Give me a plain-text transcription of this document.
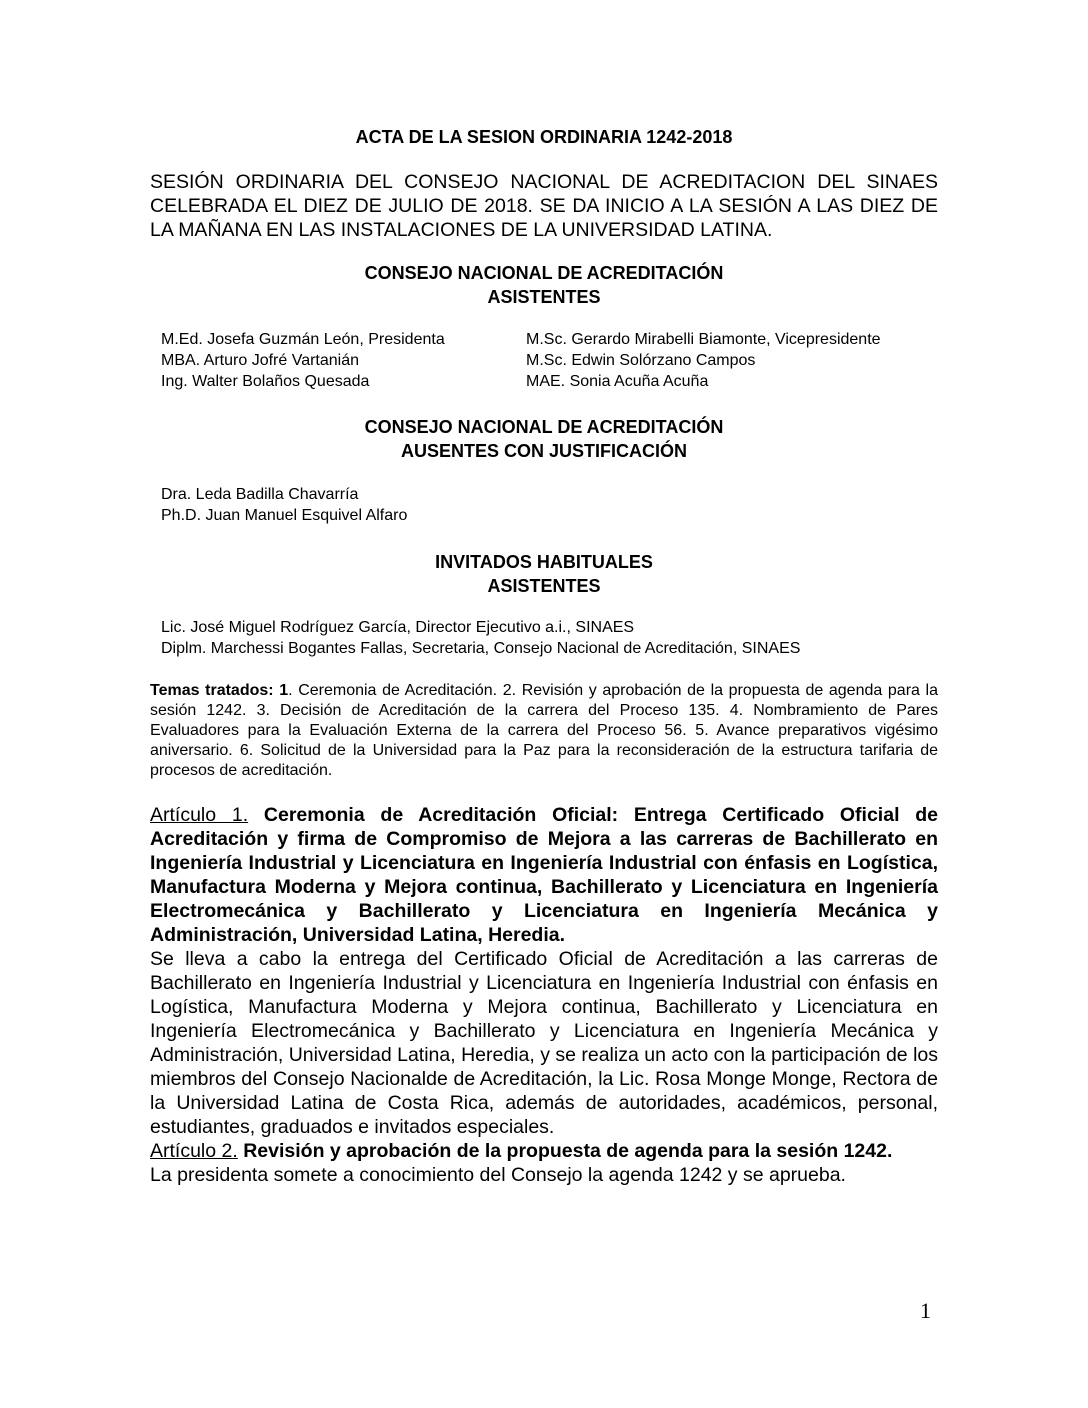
ACTA DE LA SESION ORDINARIA 1242-2018
SESIÓN ORDINARIA DEL CONSEJO NACIONAL DE ACREDITACION DEL SINAES CELEBRADA EL DIEZ DE JULIO DE 2018. SE DA INICIO A LA SESIÓN A LAS DIEZ DE LA MAÑANA EN LAS INSTALACIONES DE LA UNIVERSIDAD LATINA.
CONSEJO NACIONAL DE ACREDITACIÓN
ASISTENTES
M.Ed. Josefa Guzmán León, Presidenta
MBA. Arturo Jofré Vartanián
Ing. Walter Bolaños Quesada
M.Sc. Gerardo Mirabelli Biamonte, Vicepresidente
M.Sc. Edwin Solórzano Campos
MAE. Sonia Acuña Acuña
CONSEJO NACIONAL DE ACREDITACIÓN
AUSENTES CON JUSTIFICACIÓN
Dra. Leda Badilla Chavarría
Ph.D. Juan Manuel Esquivel Alfaro
INVITADOS HABITUALES
ASISTENTES
Lic. José Miguel Rodríguez García, Director Ejecutivo a.i., SINAES
Diplm. Marchessi Bogantes Fallas, Secretaria, Consejo Nacional de Acreditación, SINAES
Temas tratados: 1. Ceremonia de Acreditación. 2. Revisión y aprobación de la propuesta de agenda para la sesión 1242. 3. Decisión de Acreditación de la carrera del Proceso 135. 4. Nombramiento de Pares Evaluadores para la Evaluación Externa de la carrera del Proceso 56. 5. Avance preparativos vigésimo aniversario. 6. Solicitud de la Universidad para la Paz para la reconsideración de la estructura tarifaria de procesos de acreditación.
Artículo 1. Ceremonia de Acreditación Oficial: Entrega Certificado Oficial de Acreditación y firma de Compromiso de Mejora a las carreras de Bachillerato en Ingeniería Industrial y Licenciatura en Ingeniería Industrial con énfasis en Logística, Manufactura Moderna y Mejora continua, Bachillerato y Licenciatura en Ingeniería Electromecánica y Bachillerato y Licenciatura en Ingeniería Mecánica y Administración, Universidad Latina, Heredia.
Se lleva a cabo la entrega del Certificado Oficial de Acreditación a las carreras de Bachillerato en Ingeniería Industrial y Licenciatura en Ingeniería Industrial con énfasis en Logística, Manufactura Moderna y Mejora continua, Bachillerato y Licenciatura en Ingeniería Electromecánica y Bachillerato y Licenciatura en Ingeniería Mecánica y Administración, Universidad Latina, Heredia, y se realiza un acto con la participación de los miembros del Consejo Nacionalde de Acreditación, la Lic. Rosa Monge Monge, Rectora de la Universidad Latina de Costa Rica, además de autoridades, académicos, personal, estudiantes, graduados e invitados especiales.
Artículo 2. Revisión y aprobación de la propuesta de agenda para la sesión 1242.
La presidenta somete a conocimiento del Consejo la agenda 1242 y se aprueba.
1
